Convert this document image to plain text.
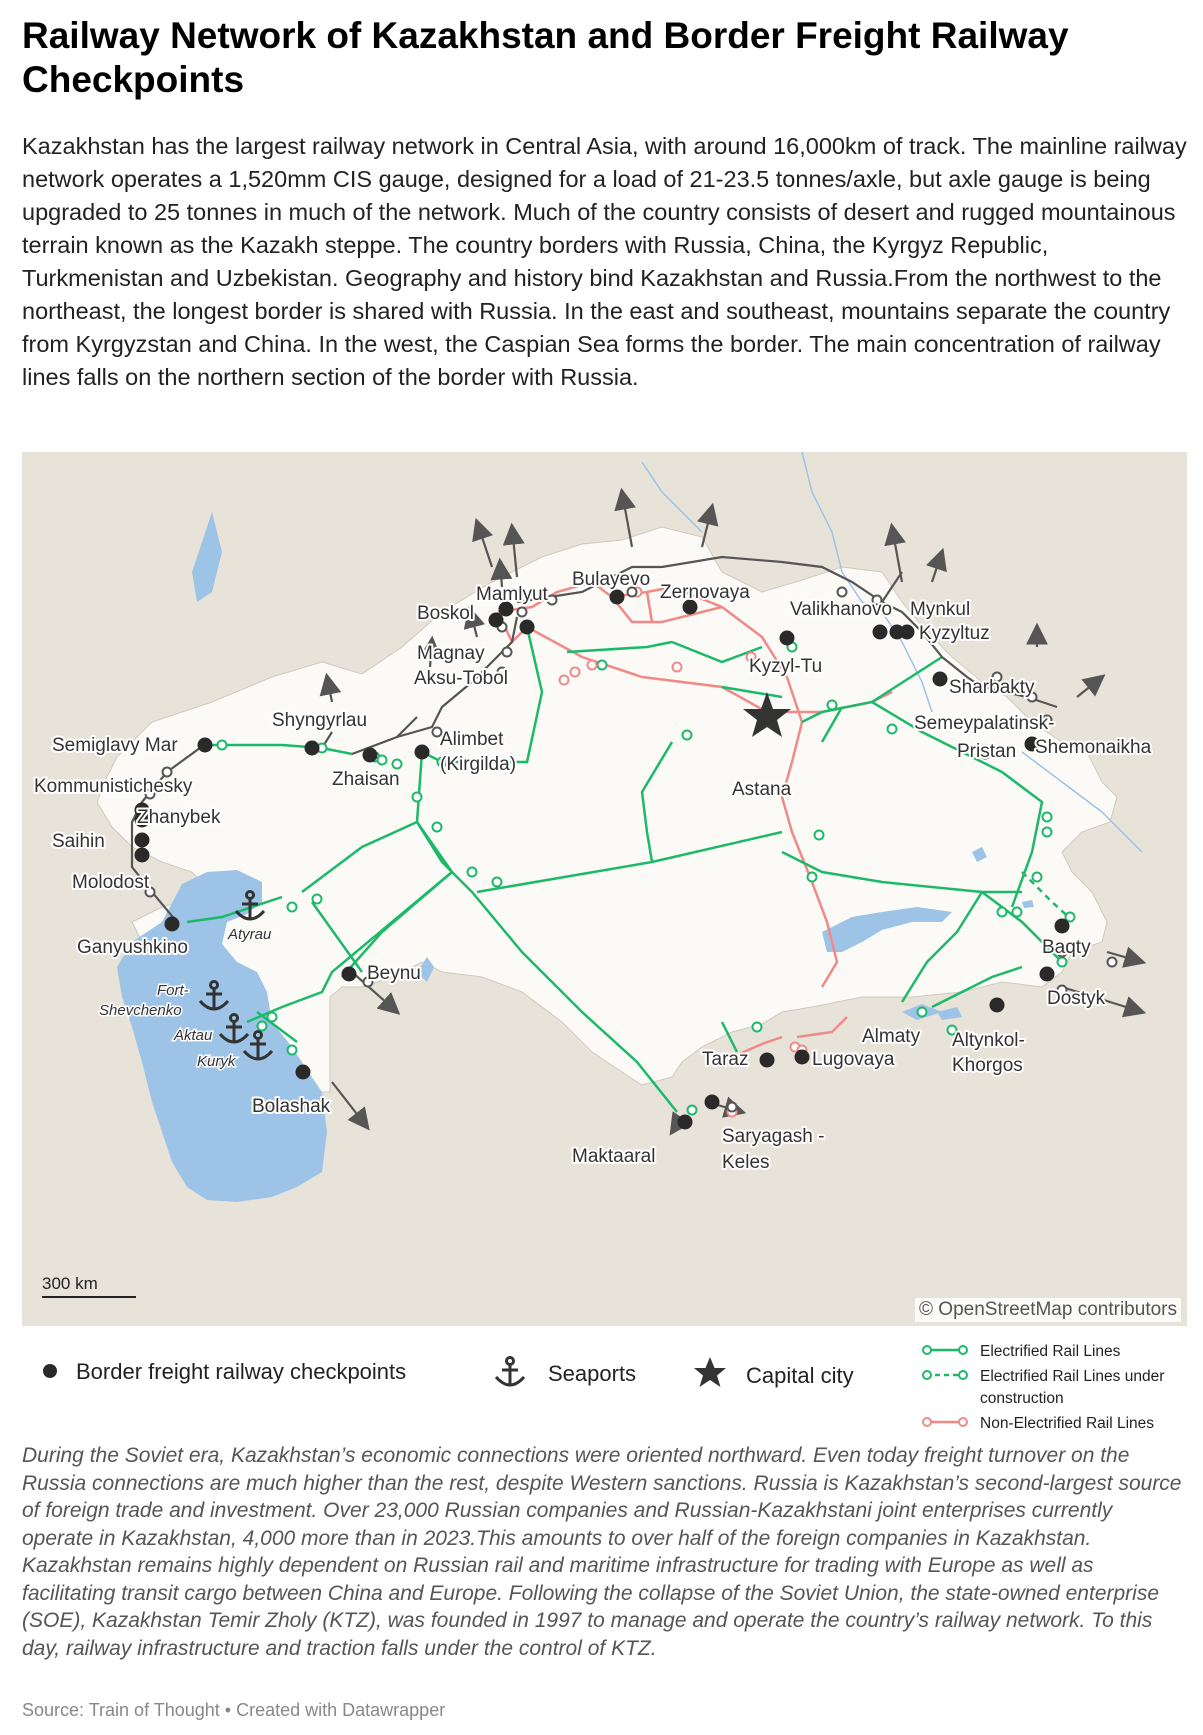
Railway Network of Kazakhstan and Border Freight Railway Checkpoints

Kazakhstan has the largest railway network in Central Asia, with around 16,000km of track. The mainline railway network operates a 1,520mm CIS gauge, designed for a load of 21-23.5 tonnes/axle, but axle gauge is being upgraded to 25 tonnes in much of the network. Much of the country consists of desert and rugged mountainous terrain known as the Kazakh steppe. The country borders with Russia, China, the Kyrgyz Republic, Turkmenistan and Uzbekistan. Geography and history bind Kazakhstan and Russia.From the northwest to the northeast, the longest border is shared with Russia. In the east and southeast, mountains separate the country from Kyrgyzstan and China. In the west, the Caspian Sea forms the border. The main concentration of railway lines falls on the northern section of the border with Russia.

Semiglavy Mar
Kommunistichesky
Zhanybek
Saihin
Molodost
Ganyushkino
Shyngyrlau
Zhaisan
Alimbet
(Kirgilda)
Boskol
Mamlyut
Magnay
Aksu-Tobol
Bulayevo
Zernovaya
Kyzyl-Tu
Valikhanovo Mynkul
Kyzyltuz
Sharbakty
Semeypalatinsk-
Pristan Shemonaikha
Baqty
Dostyk
Almaty Altynkol-
Khorgos
Lugovaya
Taraz
Saryagash -
Keles
Maktaaral
Beynu
Bolashak
Astana
Atyrau
Fort-
Shevchenko
Aktau
Kuryk
300 km
© OpenStreetMap contributors
Border freight railway checkpoints	Seaports	Capital city
Electrified Rail Lines
Electrified Rail Lines under construction
Non-Electrified Rail Lines

During the Soviet era, Kazakhstan’s economic connections were oriented northward. Even today freight turnover on the Russia connections are much higher than the rest, despite Western sanctions. Russia is Kazakhstan’s second-largest source of foreign trade and investment. Over 23,000 Russian companies and Russian-Kazakhstani joint enterprises currently operate in Kazakhstan, 4,000 more than in 2023.This amounts to over half of the foreign companies in Kazakhstan. Kazakhstan remains highly dependent on Russian rail and maritime infrastructure for trading with Europe as well as facilitating transit cargo between China and Europe. Following the collapse of the Soviet Union, the state-owned enterprise (SOE), Kazakhstan Temir Zholy (KTZ), was founded in 1997 to manage and operate the country’s railway network. To this day, railway infrastructure and traction falls under the control of KTZ.

Source: Train of Thought • Created with Datawrapper
